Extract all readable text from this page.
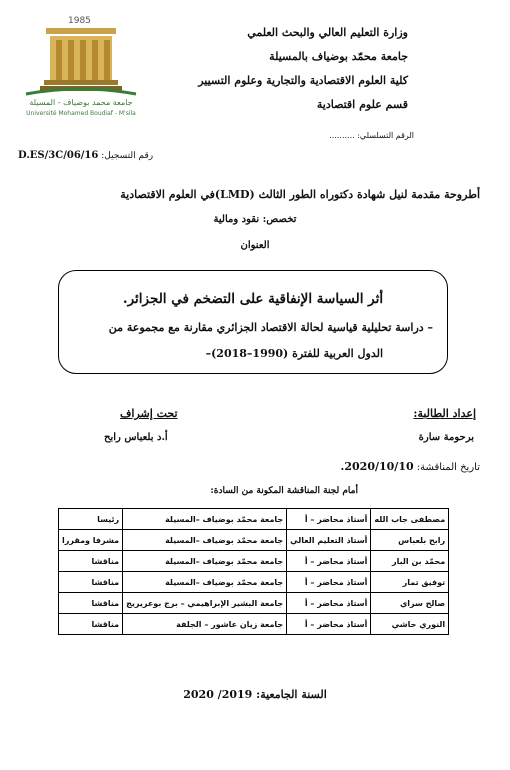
1985
جامعة محمد بوضياف - المسيلة
Université Mohamed Boudiaf - M'sila
وزارة التعليم العالي والبحث العلمي
جامعة محمّد بوضياف بالمسيلة
كلية العلوم الاقتصادية والتجارية وعلوم التسيير
قسم علوم اقتصادية
الرقم التسلسلي: ..........
D.ES/3C/06/16 رقم التسجيل:
أطروحة مقدمة لنيل شهادة دكتوراه الطور الثالث (LMD)في العلوم الاقتصادية
تخصص: نقود ومالية
العنوان
أثر السياسة الإنفاقية على التضخم في الجزائر.
– دراسة تحليلية قياسية لحالة الاقتصاد الجزائري مقارنة مع مجموعة من
الدول العربية للفترة (1990–2018)–
إعداد الطالبة:
برحومة سارة
تحت إشراف
أ.د بلعباس رابح
تاريخ المناقشة: 2020/10/10.
أمام لجنة المناقشة المكونة من السادة:
مصطفى جاب الله	أستاذ محاضر – أ	جامعة محمّد بوضياف –المسيلة	رئيسا
رابح بلعباس	أستاذ التعليم العالي	جامعة محمّد بوضياف –المسيلة	مشرفا ومقررا
محمّد بن البار	أستاذ محاضر – أ	جامعة محمّد بوضياف –المسيلة	مناقشا
توفيق تمار	أستاذ محاضر – أ	جامعة محمّد بوضياف –المسيلة	مناقشا
صالح سراي	أستاذ محاضر – أ	جامعة البشير الإبراهيمي – برج بوعريريج	مناقشا
النوري حاشي	أستاذ محاضر – أ	جامعة زيان عاشور – الجلفة	مناقشا
السنة الجامعية: 2020 /2019
